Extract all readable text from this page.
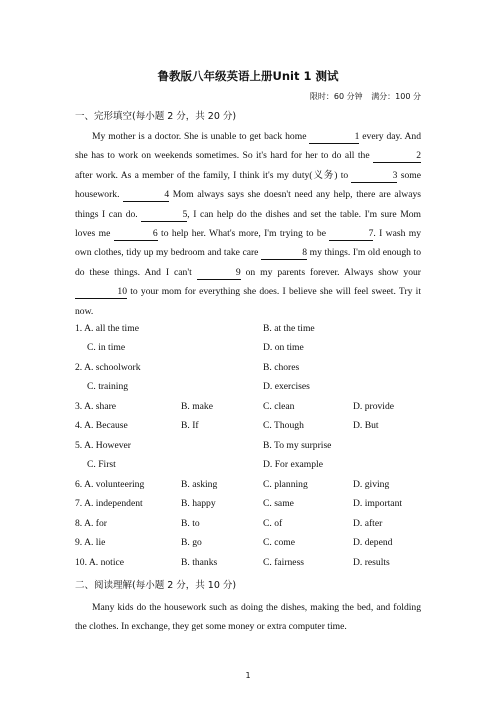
鲁教版八年级英语上册Unit 1 测试
限时：60 分钟 满分：100 分
一、完形填空(每小题 2 分，共 20 分)

My mother is a doctor. She is unable to get back home	1 every day. And she has to work on weekends sometimes. So it's hard for her to do all the	2 after work. As a member of the family, I think it's my duty(义务) to	3 some housework.	4 Mom always says she doesn't need any help, there are always things I can do.	5, I can help do the dishes and set the table. I'm sure Mom loves me	6 to help her. What's more, I'm trying to be	7. I wash my own clothes, tidy up my bedroom and take care	8 my things. I'm old enough to do these things. And I can't	9 on my parents forever. Always show your 10 to your mom for everything she does. I believe she will feel sweet. Try it now.

1. A. all the time	B. at the time
C. in time	D. on time
2. A. schoolwork	B. chores
C. training	D. exercises
3. A. share	B. make	C. clean	D. provide
4. A. Because	B. If	C. Though	D. But
5. A. However	B. To my surprise
C. First	D. For example
6. A. volunteering	B. asking	C. planning	D. giving
7. A. independent	B. happy	C. same	D. important
8. A. for	B. to	C. of	D. after
9. A. lie	B. go	C. come	D. depend
10. A. notice	B. thanks	C. fairness	D. results
二、阅读理解(每小题 2 分，共 10 分)

Many kids do the housework such as doing the dishes, making the bed, and folding the clothes. In exchange, they get some money or extra computer time.

1
